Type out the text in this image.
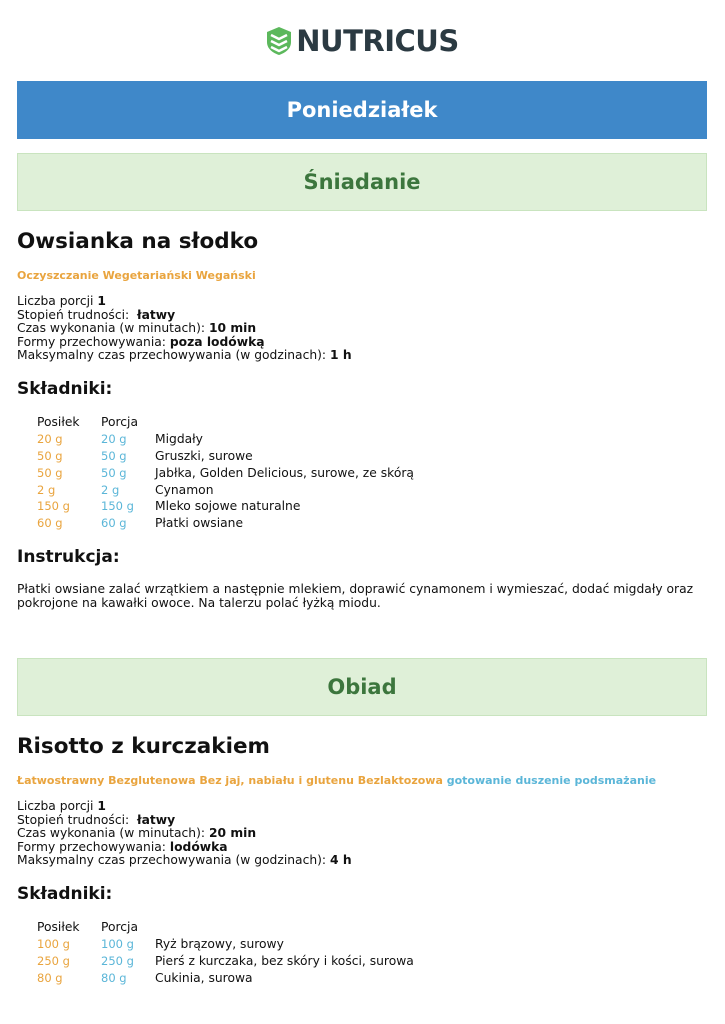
NUTRICUS
Poniedziałek
Śniadanie
Owsianka na słodko
Oczyszczanie Wegetariański Wegański
Liczba porcji 1
Stopień trudności: łatwy
Czas wykonania (w minutach): 10 min
Formy przechowywania: poza lodówką
Maksymalny czas przechowywania (w godzinach): 1 h
Składniki:
Posiłek	Porcja	
20 g	20 g	Migdały
50 g	50 g	Gruszki, surowe
50 g	50 g	Jabłka, Golden Delicious, surowe, ze skórą
2 g	2 g	Cynamon
150 g	150 g	Mleko sojowe naturalne
60 g	60 g	Płatki owsiane
Instrukcja:

Płatki owsiane zalać wrzątkiem a następnie mlekiem, doprawić cynamonem i wymieszać, dodać migdały oraz pokrojone na kawałki owoce. Na talerzu polać łyżką miodu.

Obiad
Risotto z kurczakiem
Łatwostrawny Bezglutenowa Bez jaj, nabiału i glutenu Bezlaktozowa gotowanie duszenie podsmażanie
Liczba porcji 1
Stopień trudności: łatwy
Czas wykonania (w minutach): 20 min
Formy przechowywania: lodówka
Maksymalny czas przechowywania (w godzinach): 4 h
Składniki:
Posiłek	Porcja	
100 g	100 g	Ryż brązowy, surowy
250 g	250 g	Pierś z kurczaka, bez skóry i kości, surowa
80 g	80 g	Cukinia, surowa
